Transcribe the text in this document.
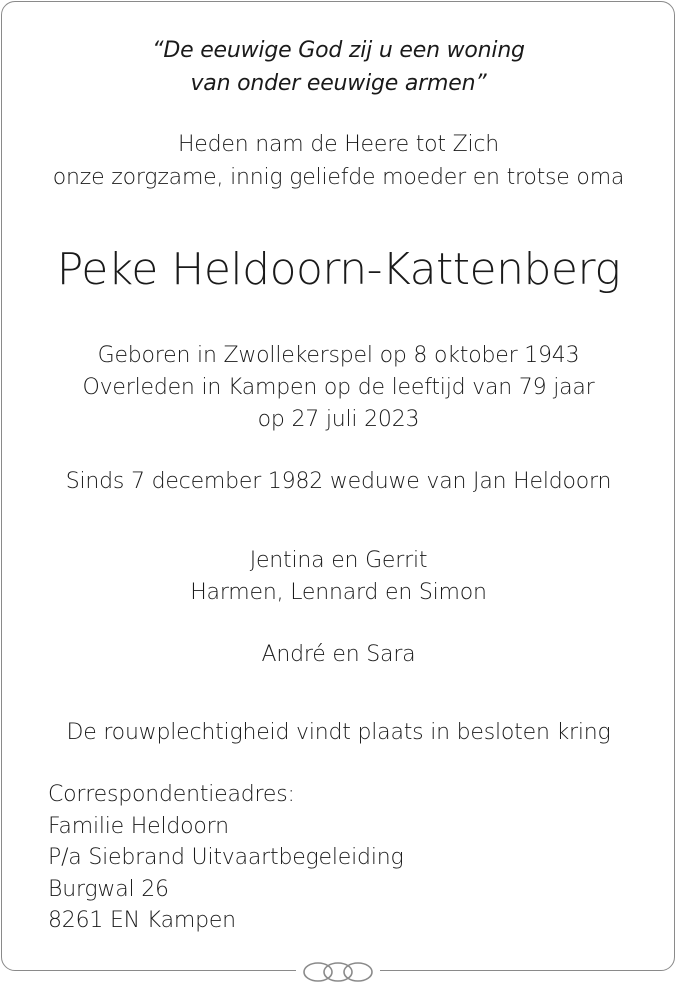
“De eeuwige God zij u een woning
van onder eeuwige armen”
Heden nam de Heere tot Zich
onze zorgzame, innig geliefde moeder en trotse oma
Peke Heldoorn-Kattenberg
Geboren in Zwollekerspel op 8 oktober 1943
Overleden in Kampen op de leeftijd van 79 jaar
op 27 juli 2023
Sinds 7 december 1982 weduwe van Jan Heldoorn
Jentina en Gerrit
Harmen, Lennard en Simon
André en Sara
De rouwplechtigheid vindt plaats in besloten kring
Correspondentieadres:
Familie Heldoorn
P/a Siebrand Uitvaartbegeleiding
Burgwal 26
8261 EN Kampen
